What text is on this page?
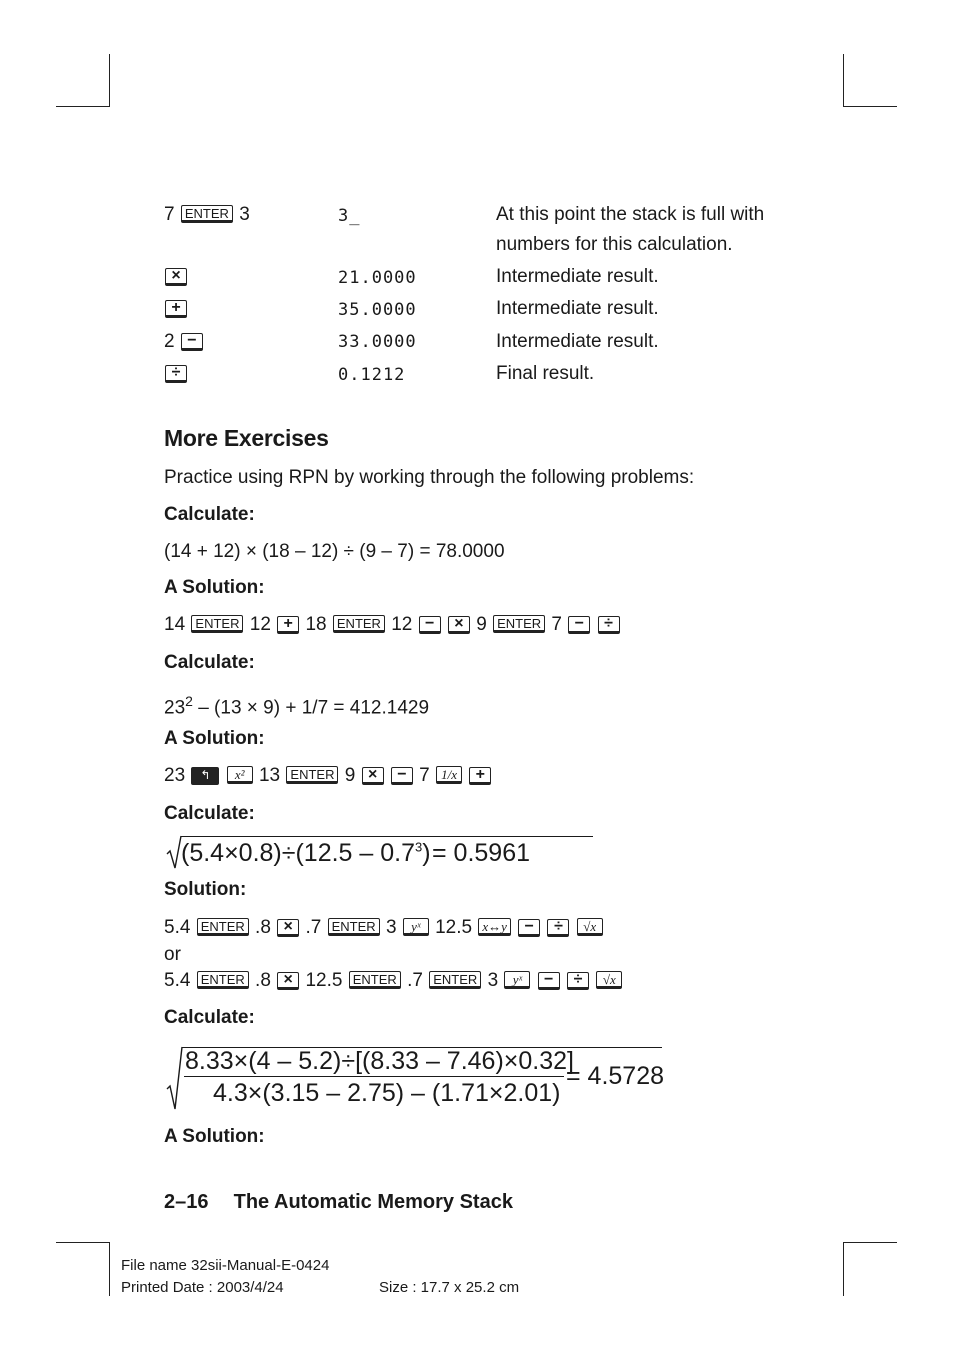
7 ENTER 3	3_	At this point the stack is full with
numbers for this calculation.
×	21.0000	Intermediate result.
+	35.0000	Intermediate result.
2 −	33.0000	Intermediate result.
÷	0.1212	Final result.
More Exercises
Practice using RPN by working through the following problems:
Calculate:
(14 + 12) × (18 – 12) ÷ (9 – 7) = 78.0000
A Solution:
14 ENTER 12 + 18 ENTER 12 − × 9 ENTER 7 − ÷
Calculate:
$23^2 - (13 \times 9) + 1/7 = 412.1429$
A Solution:
23 ↰ x² 13 ENTER 9 × − 7 1/x +
Calculate:
$(5.4\times 0.8)\div(12.5 - 0.7^3) = 0.5961$
Solution:
5.4 ENTER .8 × .7 ENTER 3 yˣ 12.5 x↔y − ÷ √x
or
5.4 ENTER .8 × 12.5 ENTER .7 ENTER 3 yˣ − ÷ √x
Calculate:
8.33×(4 – 5.2)÷[(8.33 – 7.46)×0.32]
4.3×(3.15 – 2.75) – (1.71×2.01)
= 4.5728
A Solution:
2–16 The Automatic Memory Stack
File name 32sii-Manual-E-0424
Printed Date : 2003/4/24	Size : 17.7 x 25.2 cm
